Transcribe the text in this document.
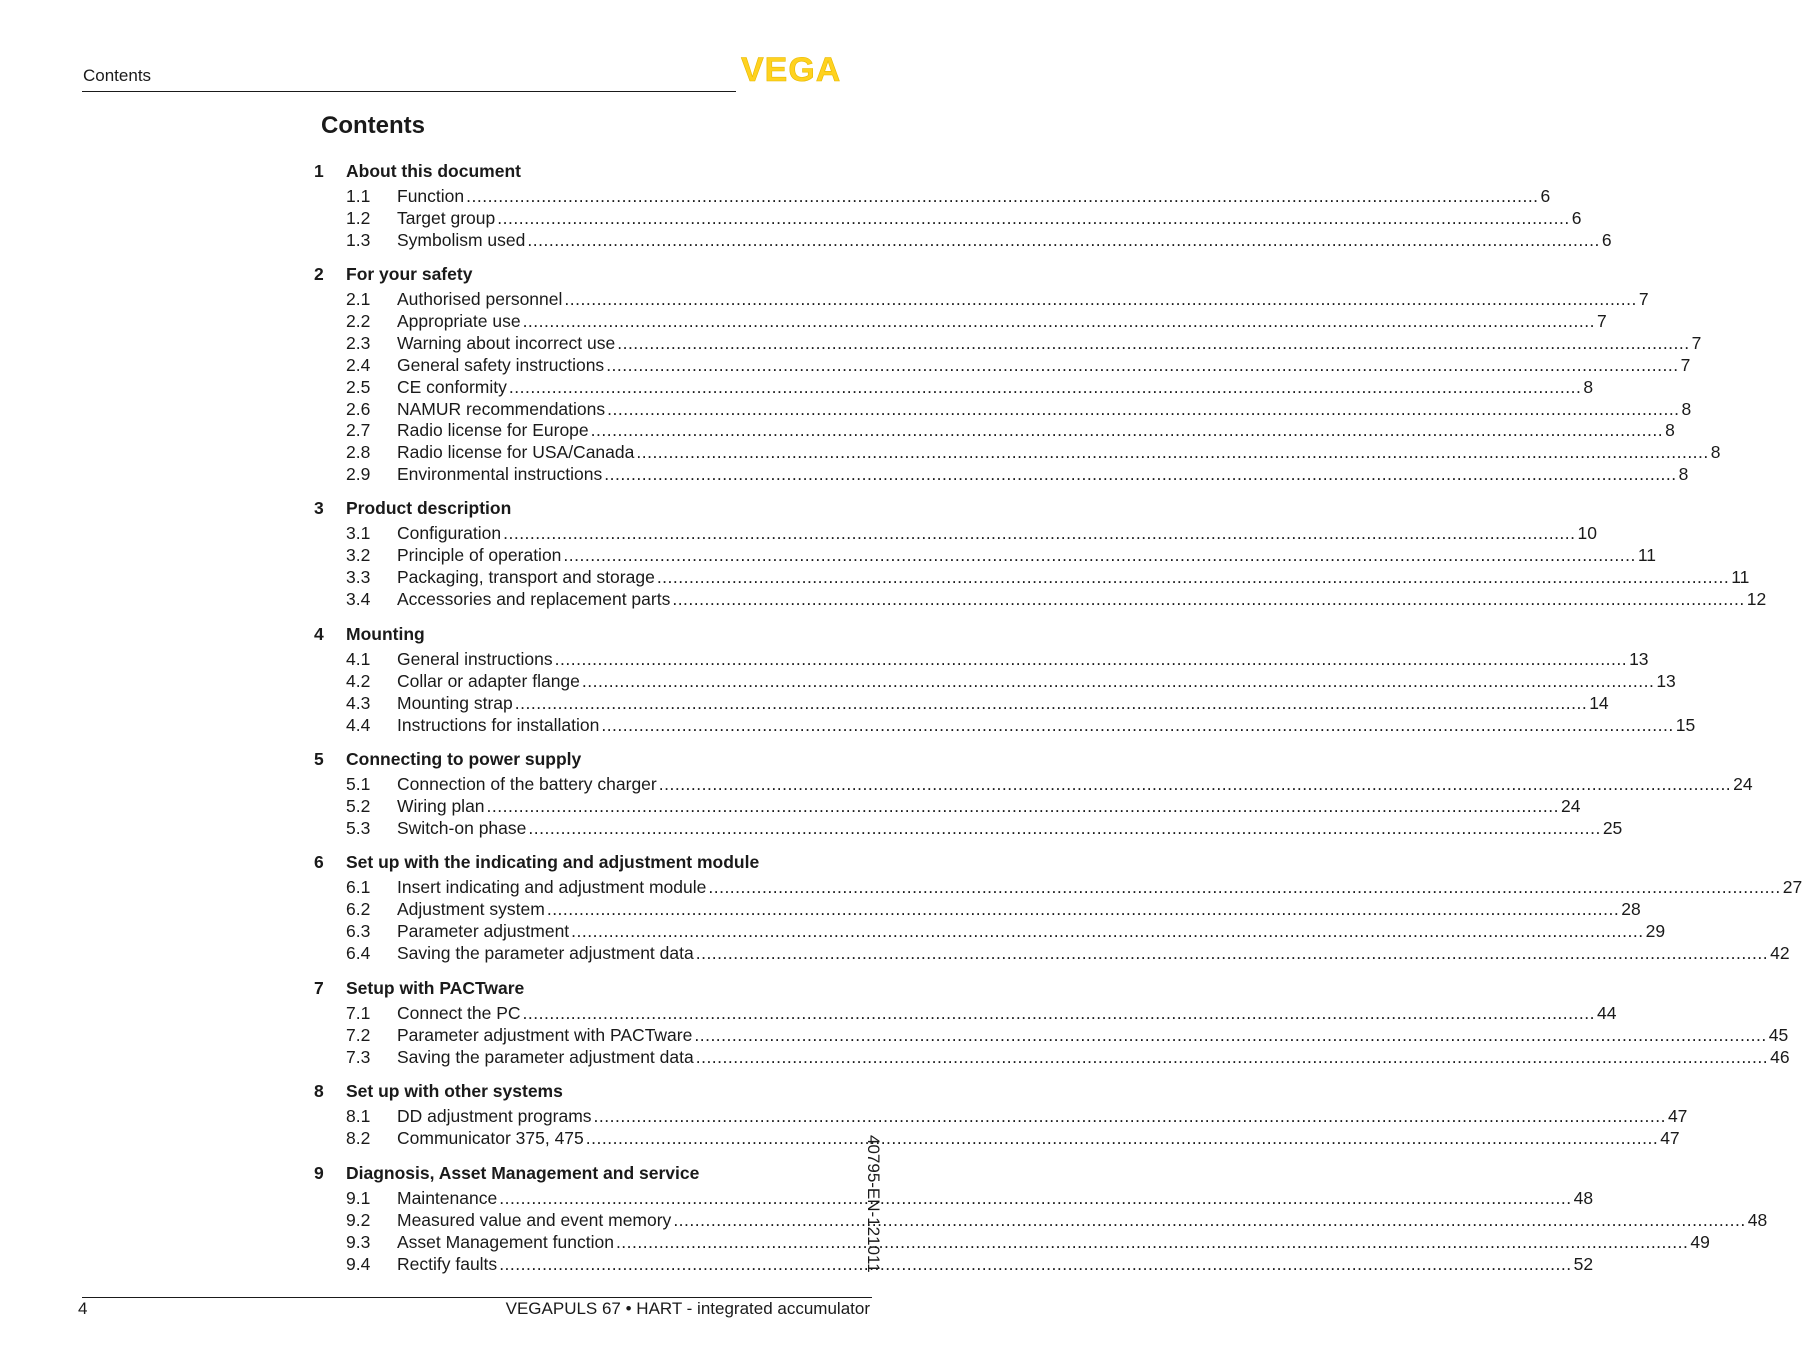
Contents	VEGA
Contents
1 About this document
1.1	Function ........................................................................................................................................................................................................ 6
1.2	Target group ........................................................................................................................................................................................................ 6
1.3	Symbolism used ........................................................................................................................................................................................................ 6
2 For your safety
2.1	Authorised personnel ........................................................................................................................................................................................................ 7
2.2	Appropriate use ........................................................................................................................................................................................................ 7
2.3	Warning about incorrect use ........................................................................................................................................................................................................ 7
2.4	General safety instructions ........................................................................................................................................................................................................ 7
2.5	CE conformity ........................................................................................................................................................................................................ 8
2.6	NAMUR recommendations ........................................................................................................................................................................................................ 8
2.7	Radio license for Europe ........................................................................................................................................................................................................ 8
2.8	Radio license for USA/Canada ........................................................................................................................................................................................................ 8
2.9	Environmental instructions ........................................................................................................................................................................................................ 8
3 Product description
3.1	Configuration ........................................................................................................................................................................................................ 10
3.2	Principle of operation ........................................................................................................................................................................................................ 11
3.3	Packaging, transport and storage ........................................................................................................................................................................................................ 11
3.4	Accessories and replacement parts ........................................................................................................................................................................................................ 12
4 Mounting
4.1	General instructions ........................................................................................................................................................................................................ 13
4.2	Collar or adapter flange ........................................................................................................................................................................................................ 13
4.3	Mounting strap ........................................................................................................................................................................................................ 14
4.4	Instructions for installation ........................................................................................................................................................................................................ 15
5 Connecting to power supply
5.1	Connection of the battery charger ........................................................................................................................................................................................................ 24
5.2	Wiring plan ........................................................................................................................................................................................................ 24
5.3	Switch-on phase ........................................................................................................................................................................................................ 25
6 Set up with the indicating and adjustment module
6.1	Insert indicating and adjustment module ........................................................................................................................................................................................................ 27
6.2	Adjustment system ........................................................................................................................................................................................................ 28
6.3	Parameter adjustment ........................................................................................................................................................................................................ 29
6.4	Saving the parameter adjustment data ........................................................................................................................................................................................................ 42
7 Setup with PACTware
7.1	Connect the PC ........................................................................................................................................................................................................ 44
7.2	Parameter adjustment with PACTware ........................................................................................................................................................................................................ 45
7.3	Saving the parameter adjustment data ........................................................................................................................................................................................................ 46
8 Set up with other systems
8.1	DD adjustment programs ........................................................................................................................................................................................................ 47
8.2	Communicator 375, 475 ........................................................................................................................................................................................................ 47
9 Diagnosis, Asset Management and service
9.1	Maintenance ........................................................................................................................................................................................................ 48
9.2	Measured value and event memory ........................................................................................................................................................................................................ 48
9.3	Asset Management function ........................................................................................................................................................................................................ 49
9.4	Rectify faults ........................................................................................................................................................................................................ 52
4	VEGAPULS 67 • HART - integrated accumulator
40795-EN-121011
